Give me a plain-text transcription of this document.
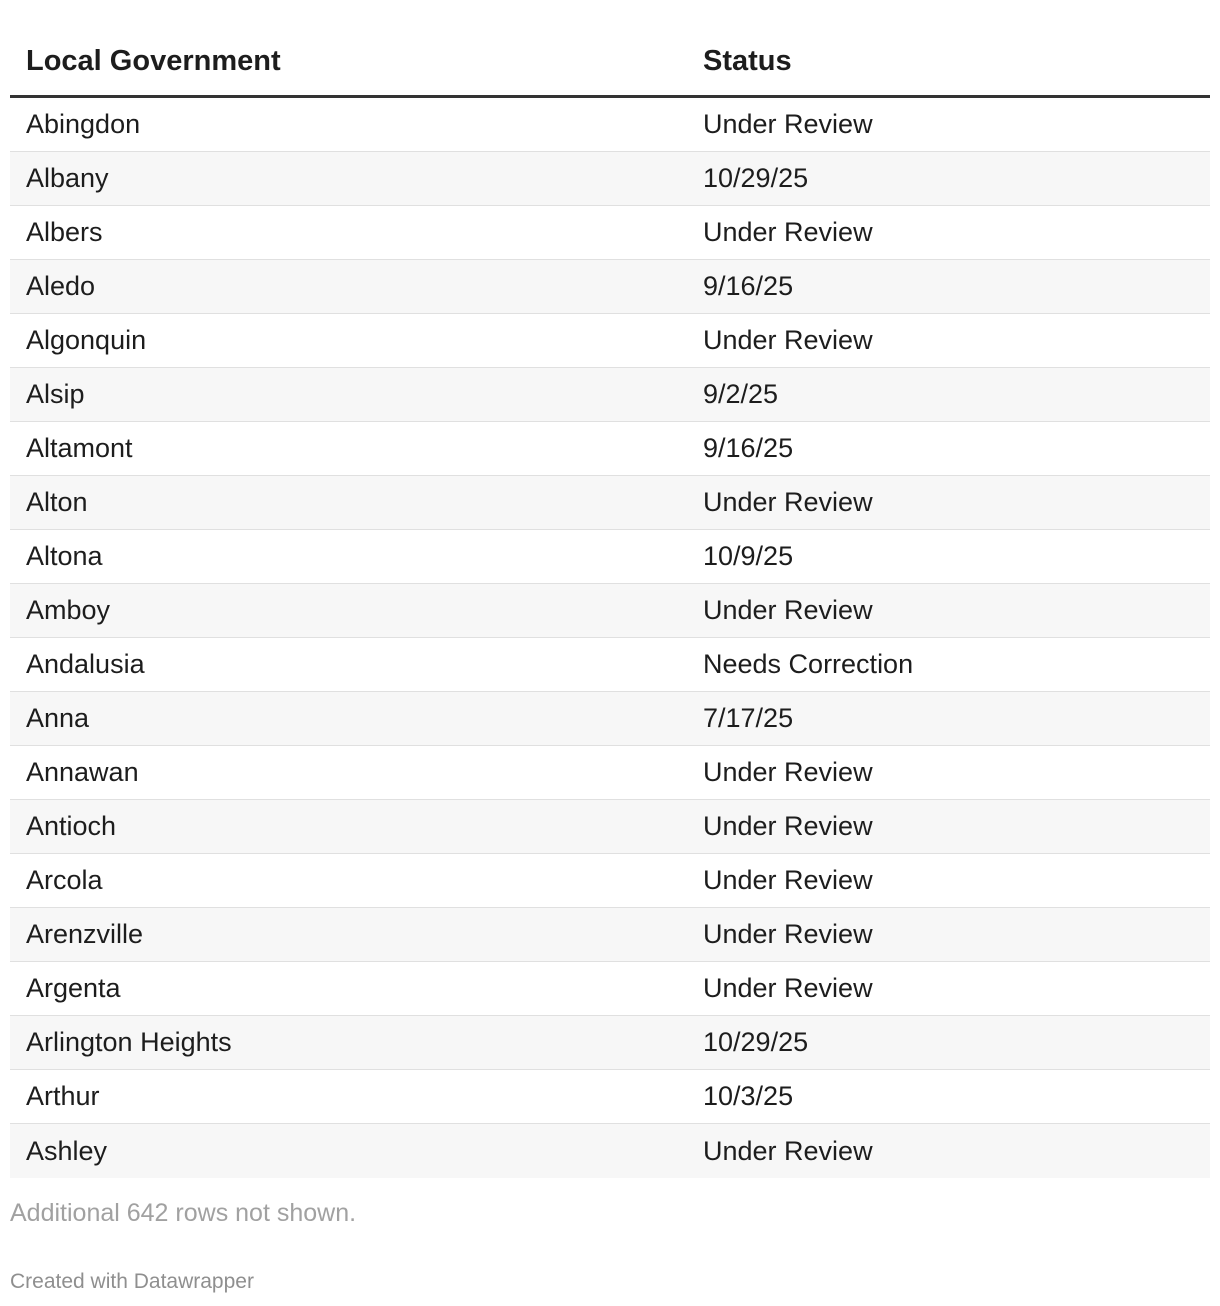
Local Government	Status
Abingdon	Under Review
Albany	10/29/25
Albers	Under Review
Aledo	9/16/25
Algonquin	Under Review
Alsip	9/2/25
Altamont	9/16/25
Alton	Under Review
Altona	10/9/25
Amboy	Under Review
Andalusia	Needs Correction
Anna	7/17/25
Annawan	Under Review
Antioch	Under Review
Arcola	Under Review
Arenzville	Under Review
Argenta	Under Review
Arlington Heights	10/29/25
Arthur	10/3/25
Ashley	Under Review
Additional 642 rows not shown.
Created with Datawrapper
